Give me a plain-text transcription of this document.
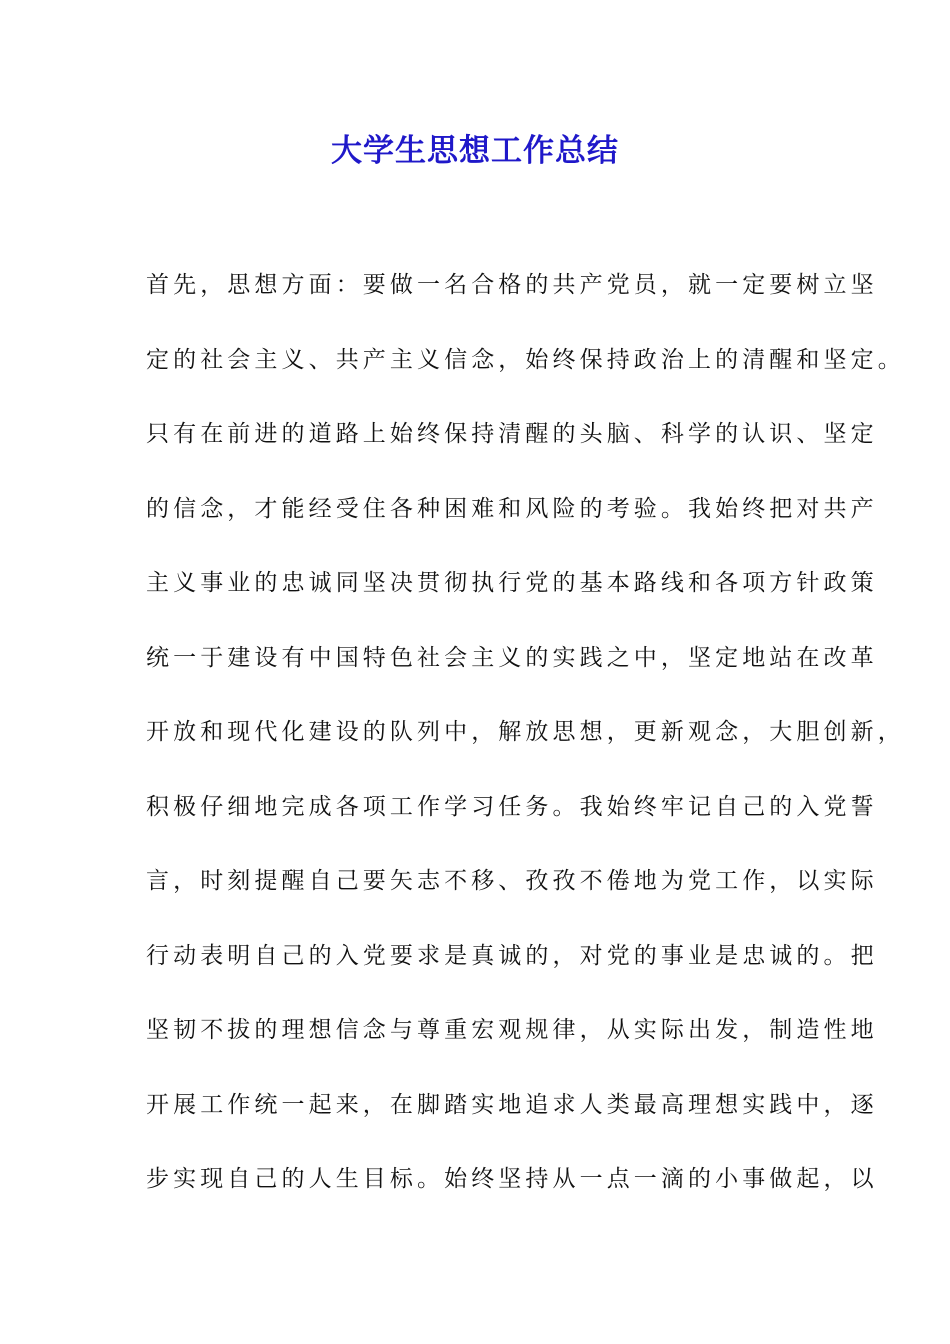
大学生思想工作总结
首先，思想方面：要做一名合格的共产党员，就一定要树立坚
定的社会主义、共产主义信念，始终保持政治上的清醒和坚定。
只有在前进的道路上始终保持清醒的头脑、科学的认识、坚定
的信念，才能经受住各种困难和风险的考验。我始终把对共产
主义事业的忠诚同坚决贯彻执行党的基本路线和各项方针政策
统一于建设有中国特色社会主义的实践之中，坚定地站在改革
开放和现代化建设的队列中，解放思想，更新观念，大胆创新，
积极仔细地完成各项工作学习任务。我始终牢记自己的入党誓
言，时刻提醒自己要矢志不移、孜孜不倦地为党工作，以实际
行动表明自己的入党要求是真诚的，对党的事业是忠诚的。把
坚韧不拔的理想信念与尊重宏观规律，从实际出发，制造性地
开展工作统一起来，在脚踏实地追求人类最高理想实践中，逐
步实现自己的人生目标。始终坚持从一点一滴的小事做起，以
